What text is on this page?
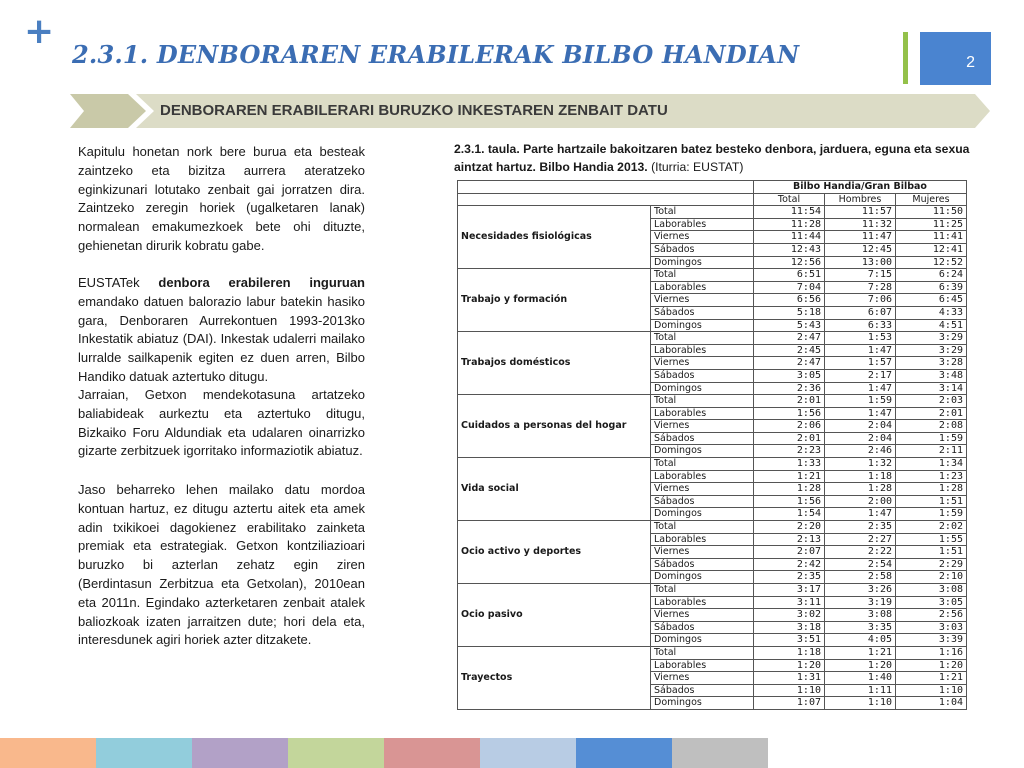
+
2.3.1. DENBORAREN ERABILERAK BILBO HANDIAN	2
DENBORAREN ERABILERARI BURUZKO INKESTAREN ZENBAIT DATU
Kapitulu honetan nork bere burua eta besteak zaintzeko eta bizitza aurrera ateratzeko eginkizunari lotutako zenbait gai jorratzen dira. Zaintzeko zeregin horiek (ugalketaren lanak) normalean emakumezkoek bete ohi dituzte, gehienetan dirurik kobratu gabe.
EUSTATek denbora erabileren inguruan emandako datuen balorazio labur batekin hasiko gara, Denboraren Aurrekontuen 1993-2013ko Inkestatik abiatuz (DAI). Inkestak udalerri mailako lurralde sailkapenik egiten ez duen arren, Bilbo Handiko datuak aztertuko ditugu.
Jarraian, Getxon mendekotasuna artatzeko baliabideak aurkeztu eta aztertuko ditugu, Bizkaiko Foru Aldundiak eta udalaren oinarrizko gizarte zerbitzuek igorritako informaziotik abiatuz.
Jaso beharreko lehen mailako datu mordoa kontuan hartuz, ez ditugu aztertu aitek eta amek adin txikikoei dagokienez erabilitako zainketa premiak eta estrategiak. Getxon kontziliazioari buruzko bi azterlan zehatz egin ziren (Berdintasun Zerbitzua eta Getxolan), 2010ean eta 2011n. Egindako azterketaren zenbait atalek baliozkoak izaten jarraitzen dute; hori dela eta, interesdunek agiri horiek azter ditzakete.
2.3.1. taula. Parte hartzaile bakoitzaren batez besteko denbora, jarduera, eguna eta sexua aintzat hartuz. Bilbo Handia 2013. (Iturria: EUSTAT)
		Bilbo Handia/Gran Bilbao		
		Total	Hombres	Mujeres
Necesidades fisiológicas	Total	11:54	11:57	11:50
	Laborables	11:28	11:32	11:25
	Viernes	11:44	11:47	11:41
	Sábados	12:43	12:45	12:41
	Domingos	12:56	13:00	12:52
Trabajo y formación	Total	6:51	7:15	6:24
	Laborables	7:04	7:28	6:39
	Viernes	6:56	7:06	6:45
	Sábados	5:18	6:07	4:33
	Domingos	5:43	6:33	4:51
Trabajos domésticos	Total	2:47	1:53	3:29
	Laborables	2:45	1:47	3:29
	Viernes	2:47	1:57	3:28
	Sábados	3:05	2:17	3:48
	Domingos	2:36	1:47	3:14
Cuidados a personas del hogar	Total	2:01	1:59	2:03
	Laborables	1:56	1:47	2:01
	Viernes	2:06	2:04	2:08
	Sábados	2:01	2:04	1:59
	Domingos	2:23	2:46	2:11
Vida social	Total	1:33	1:32	1:34
	Laborables	1:21	1:18	1:23
	Viernes	1:28	1:28	1:28
	Sábados	1:56	2:00	1:51
	Domingos	1:54	1:47	1:59
Ocio activo y deportes	Total	2:20	2:35	2:02
	Laborables	2:13	2:27	1:55
	Viernes	2:07	2:22	1:51
	Sábados	2:42	2:54	2:29
	Domingos	2:35	2:58	2:10
Ocio pasivo	Total	3:17	3:26	3:08
	Laborables	3:11	3:19	3:05
	Viernes	3:02	3:08	2:56
	Sábados	3:18	3:35	3:03
	Domingos	3:51	4:05	3:39
Trayectos	Total	1:18	1:21	1:16
	Laborables	1:20	1:20	1:20
	Viernes	1:31	1:40	1:21
	Sábados	1:10	1:11	1:10
	Domingos	1:07	1:10	1:04
